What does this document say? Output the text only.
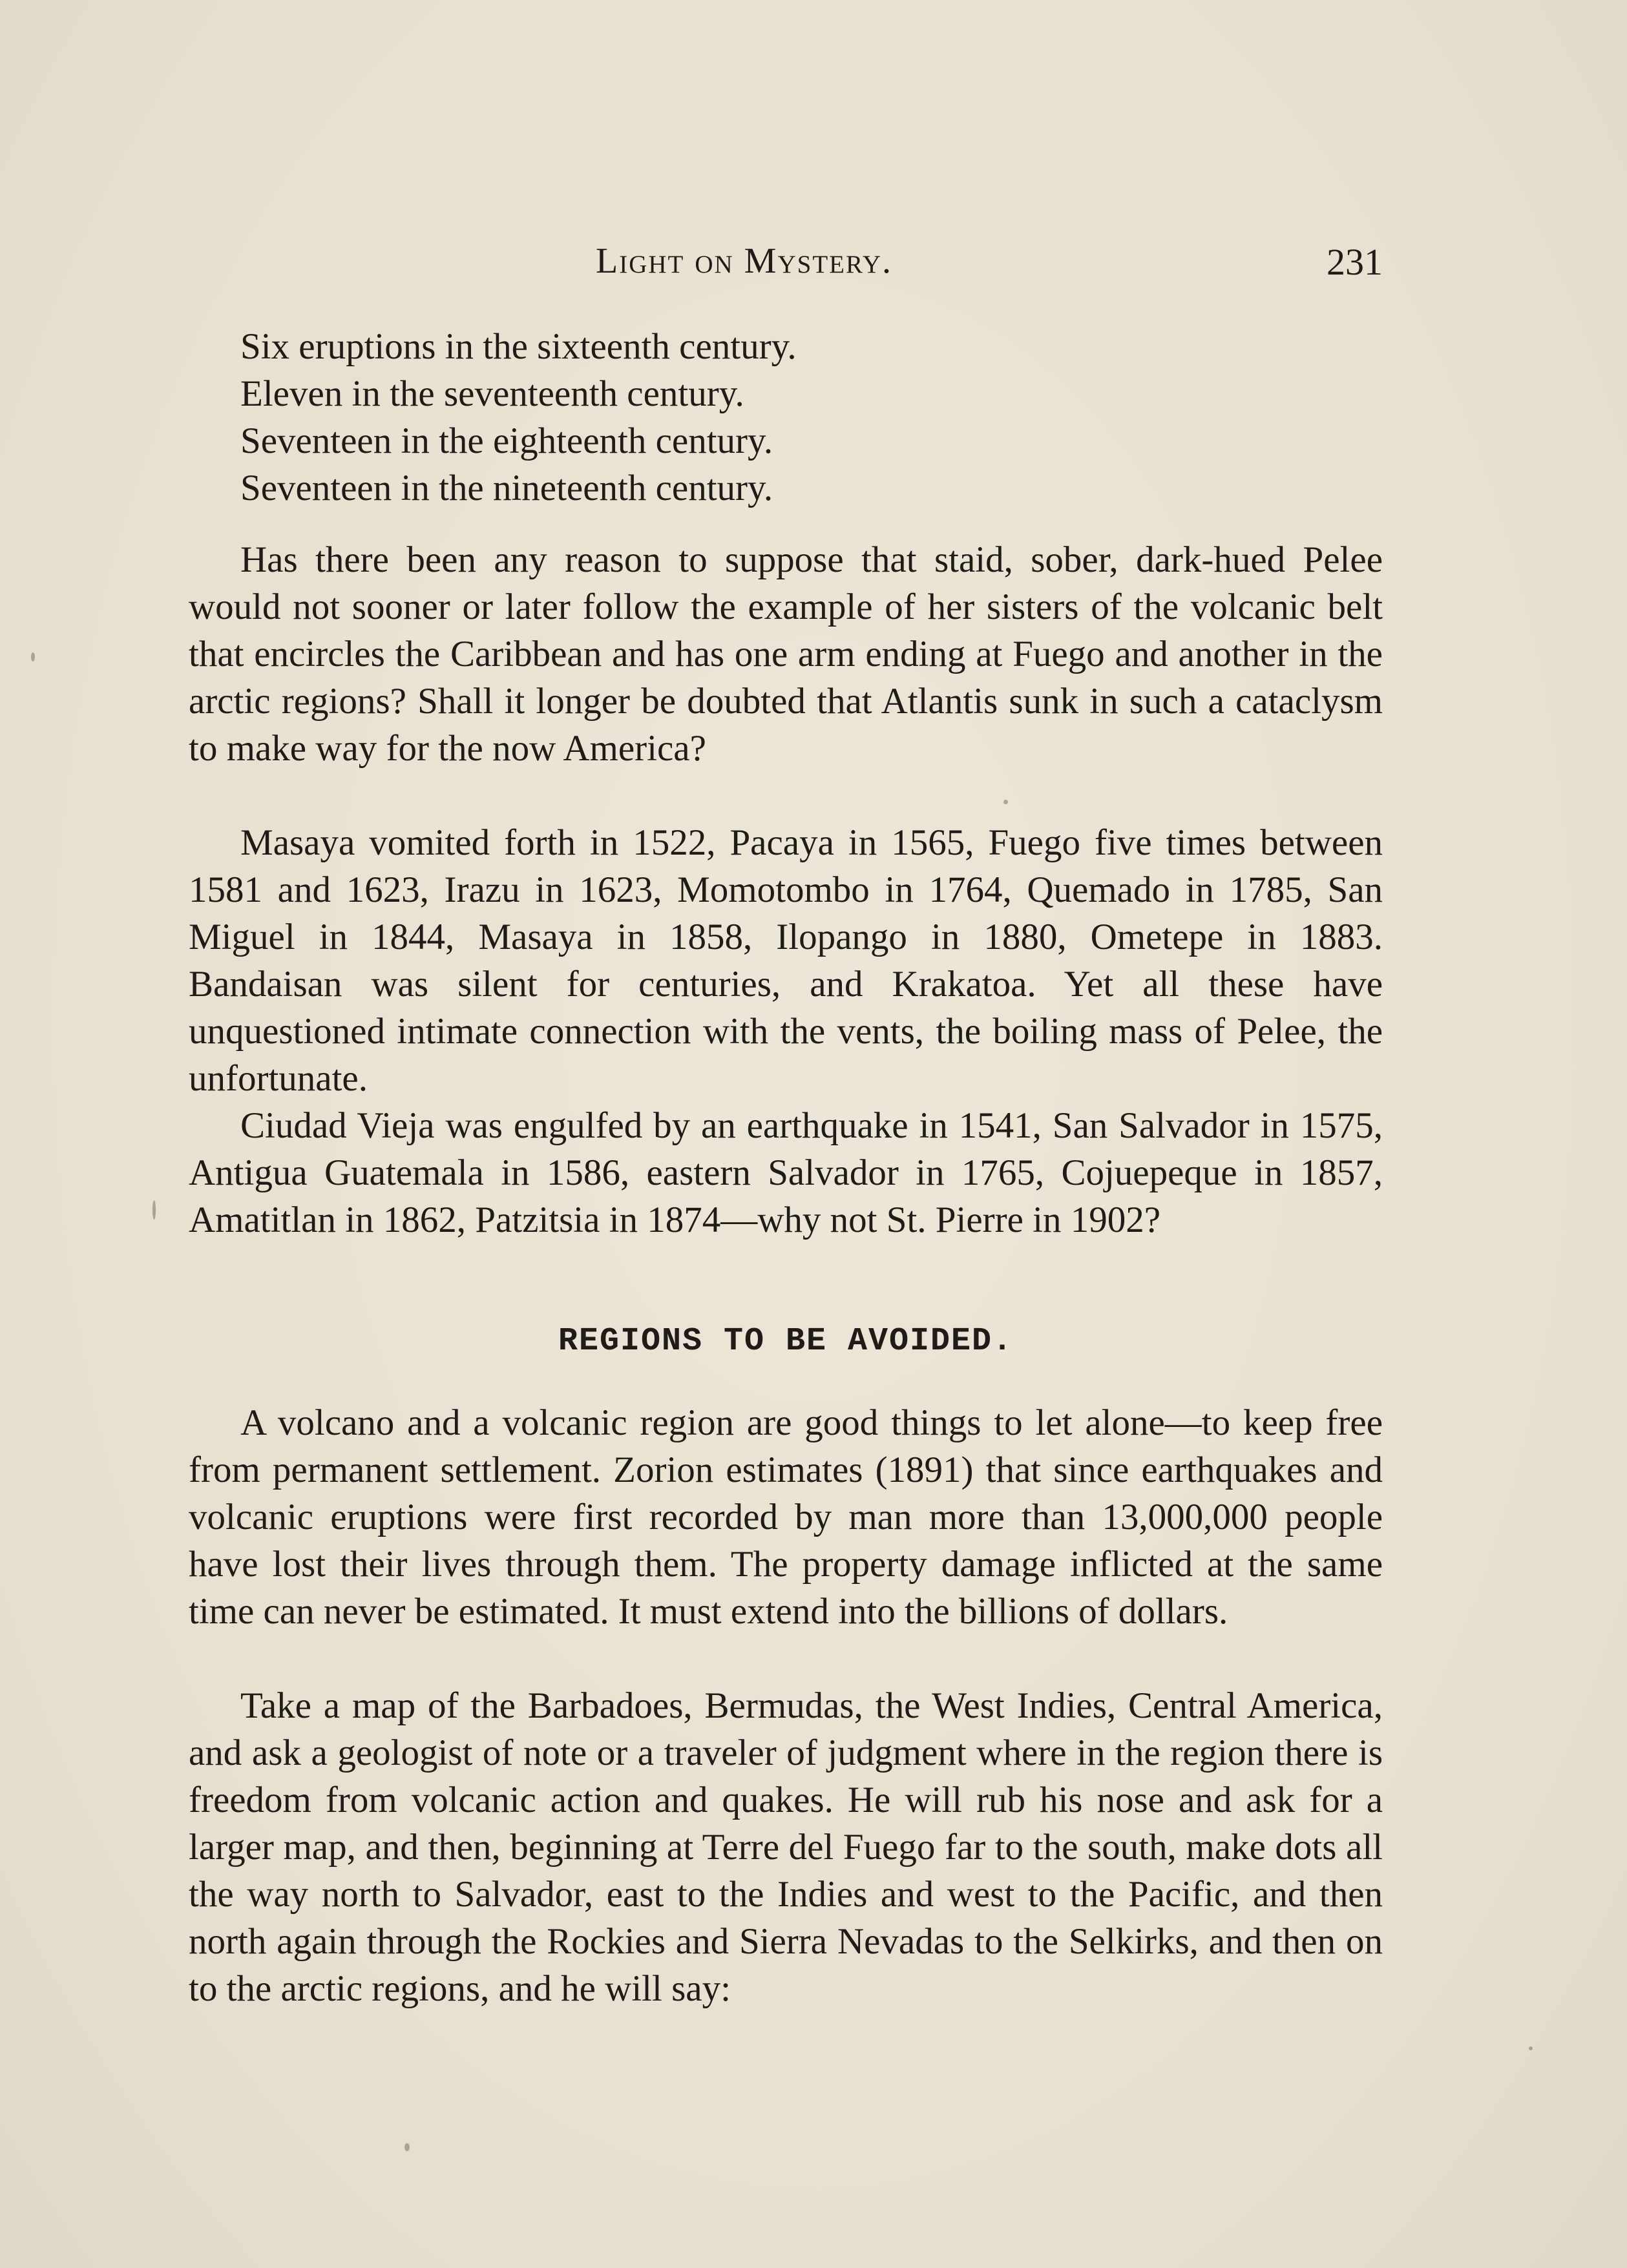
Light on Mystery.	231
Six eruptions in the sixteenth century.
Eleven in the seventeenth century.
Seventeen in the eighteenth century.
Seventeen in the nineteenth century.

Has there been any reason to suppose that staid, sober, dark-hued Pelee would not sooner or later follow the example of her sisters of the volcanic belt that encircles the Caribbean and has one arm ending at Fuego and another in the arctic regions? Shall it longer be doubted that Atlantis sunk in such a cataclysm to make way for the now America?

Masaya vomited forth in 1522, Pacaya in 1565, Fuego five times between 1581 and 1623, Irazu in 1623, Momotombo in 1764, Quemado in 1785, San Miguel in 1844, Masaya in 1858, Ilopango in 1880, Ometepe in 1883. Bandaisan was silent for centuries, and Krakatoa. Yet all these have unquestioned intimate connection with the vents, the boiling mass of Pelee, the unfortunate.

Ciudad Vieja was engulfed by an earthquake in 1541, San Salvador in 1575, Antigua Guatemala in 1586, eastern Salvador in 1765, Cojuepeque in 1857, Amatitlan in 1862, Patzitsia in 1874—why not St. Pierre in 1902?

REGIONS TO BE AVOIDED.

A volcano and a volcanic region are good things to let alone—to keep free from permanent settlement. Zorion estimates (1891) that since earthquakes and volcanic eruptions were first recorded by man more than 13,000,000 people have lost their lives through them. The property damage inflicted at the same time can never be estimated. It must extend into the billions of dollars.

Take a map of the Barbadoes, Bermudas, the West Indies, Central America, and ask a geologist of note or a traveler of judgment where in the region there is freedom from volcanic action and quakes. He will rub his nose and ask for a larger map, and then, beginning at Terre del Fuego far to the south, make dots all the way north to Salvador, east to the Indies and west to the Pacific, and then north again through the Rockies and Sierra Nevadas to the Selkirks, and then on to the arctic regions, and he will say:
